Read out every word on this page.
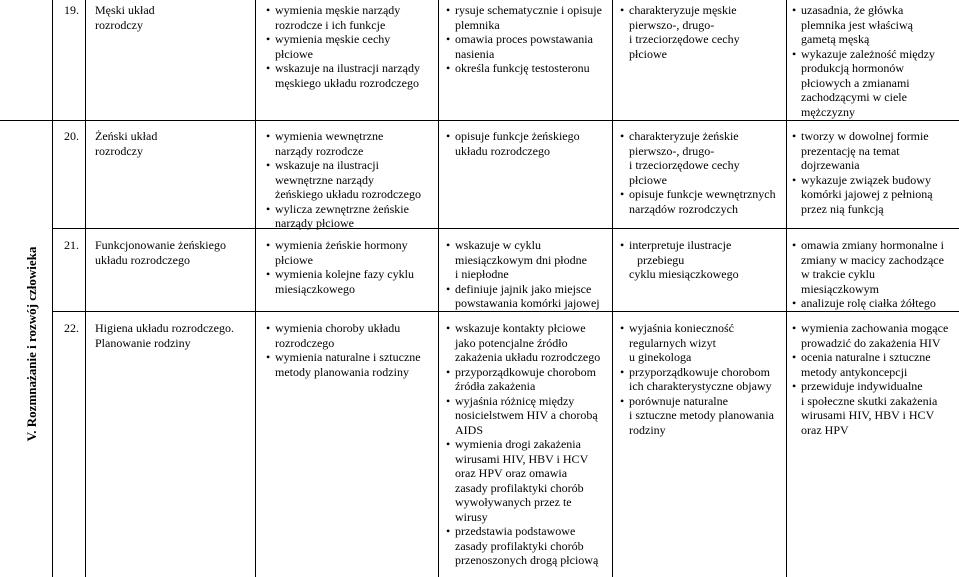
V. Rozmnażanie i rozwój człowieka
19. Męski układ
rozrodczy
• wymienia męskie narządy
rozrodcze i ich funkcje
• wymienia męskie cechy
płciowe
• wskazuje na ilustracji narządy
męskiego układu rozrodczego
• rysuje schematycznie i opisuje
plemnika
• omawia proces powstawania
nasienia
• określa funkcję testosteronu
• charakteryzuje męskie
pierwszo-, drugo-
i trzeciorzędowe cechy
płciowe
• uzasadnia, że główka
plemnika jest właściwą
gametą męską
• wykazuje zależność między
produkcją hormonów
płciowych a zmianami
zachodzącymi w ciele
mężczyzny
20. Żeński układ
rozrodczy
• wymienia wewnętrzne
narządy rozrodcze
• wskazuje na ilustracji
wewnętrzne narządy
żeńskiego układu rozrodczego
• wylicza zewnętrzne żeńskie
narządy płciowe
• opisuje funkcje żeńskiego
układu rozrodczego
• charakteryzuje żeńskie
pierwszo-, drugo-
i trzeciorzędowe cechy
płciowe
• opisuje funkcje wewnętrznych
narządów rozrodczych
• tworzy w dowolnej formie
prezentację na temat
dojrzewania
• wykazuje związek budowy
komórki jajowej z pełnioną
przez nią funkcją
21. Funkcjonowanie żeńskiego
układu rozrodczego
• wymienia żeńskie hormony
płciowe
• wymienia kolejne fazy cyklu
miesiączkowego
• wskazuje w cyklu
miesiączkowym dni płodne
i niepłodne
• definiuje jajnik jako miejsce
powstawania komórki jajowej
• interpretuje ilustracje
przebiegu
cyklu miesiączkowego
• omawia zmiany hormonalne i
zmiany w macicy zachodzące
w trakcie cyklu
miesiączkowym
• analizuje rolę ciałka żółtego
22. Higiena układu rozrodczego.
Planowanie rodziny
• wymienia choroby układu
rozrodczego
• wymienia naturalne i sztuczne
metody planowania rodziny
• wskazuje kontakty płciowe
jako potencjalne źródło
zakażenia układu rozrodczego
• przyporządkowuje chorobom
źródła zakażenia
• wyjaśnia różnicę między
nosicielstwem HIV a chorobą
AIDS
• wymienia drogi zakażenia
wirusami HIV, HBV i HCV
oraz HPV oraz omawia
zasady profilaktyki chorób
wywoływanych przez te
wirusy
• przedstawia podstawowe
zasady profilaktyki chorób
przenoszonych drogą płciową
• wyjaśnia konieczność
regularnych wizyt
u ginekologa
• przyporządkowuje chorobom
ich charakterystyczne objawy
• porównuje naturalne
i sztuczne metody planowania
rodziny
• wymienia zachowania mogące
prowadzić do zakażenia HIV
• ocenia naturalne i sztuczne
metody antykoncepcji
• przewiduje indywidualne
i społeczne skutki zakażenia
wirusami HIV, HBV i HCV
oraz HPV
